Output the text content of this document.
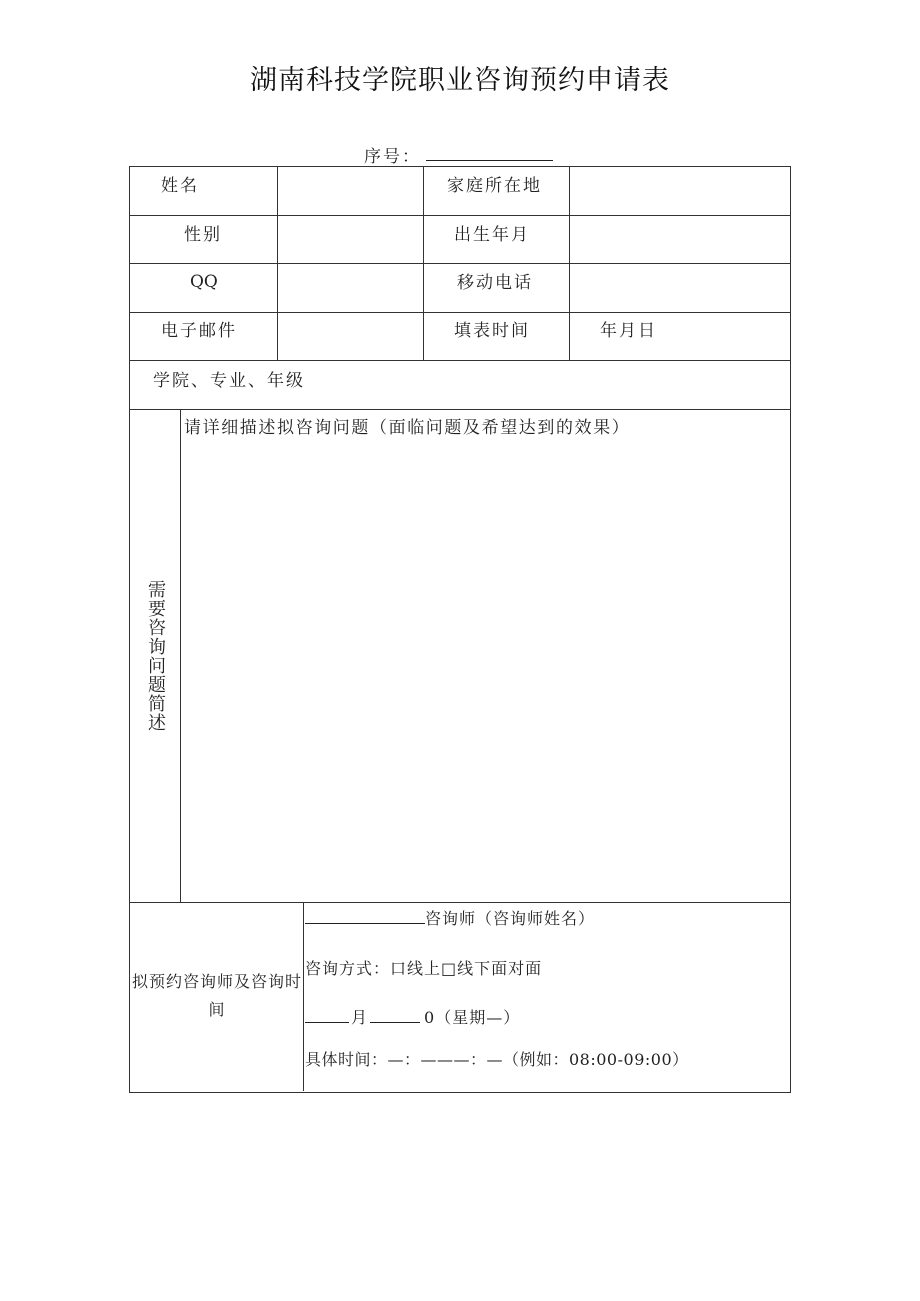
湖南科技学院职业咨询预约申请表
序号：
姓名	家庭所在地
性别	出生年月
QQ	移动电话
电子邮件	填表时间	年月日
学院、专业、年级
需要咨询问题简述
请详细描述拟咨询问题（面临问题及希望达到的效果）
拟预约咨询师及咨询时间
咨询师（咨询师姓名）
咨询方式：口线上□线下面对面
月	0（星期—）
具体时间：—：———：—（例如：08:00-09:00）
